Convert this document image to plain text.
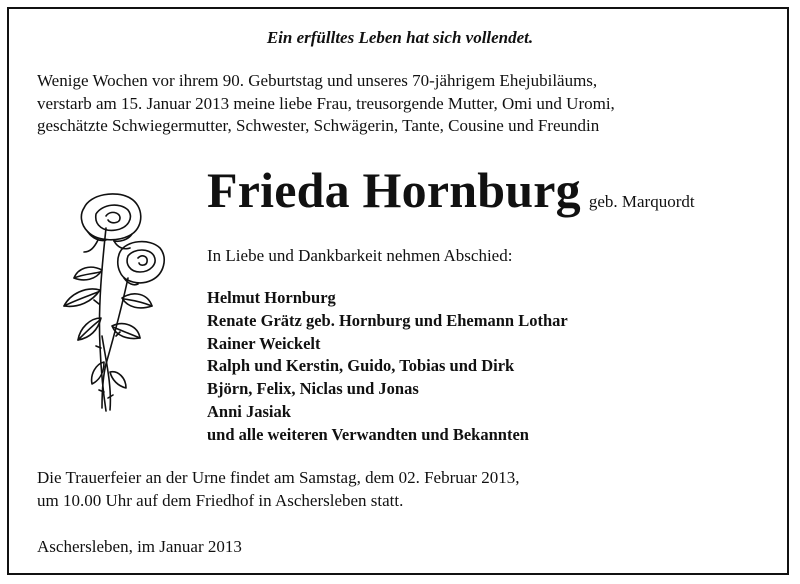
Ein erfülltes Leben hat sich vollendet.

Wenige Wochen vor ihrem 90. Geburtstag und unseres 70-jährigem Ehejubiläums,
verstarb am 15. Januar 2013 meine liebe Frau, treusorgende Mutter, Omi und Uromi,
geschätzte Schwiegermutter, Schwester, Schwägerin, Tante, Cousine und Freundin

Frieda Hornburg geb. Marquordt

In Liebe und Dankbarkeit nehmen Abschied:

Helmut Hornburg
Renate Grätz geb. Hornburg und Ehemann Lothar
Rainer Weickelt
Ralph und Kerstin, Guido, Tobias und Dirk
Björn, Felix, Niclas und Jonas
Anni Jasiak
und alle weiteren Verwandten und Bekannten

Die Trauerfeier an der Urne findet am Samstag, dem 02. Februar 2013,
um 10.00 Uhr auf dem Friedhof in Aschersleben statt.

Aschersleben, im Januar 2013
